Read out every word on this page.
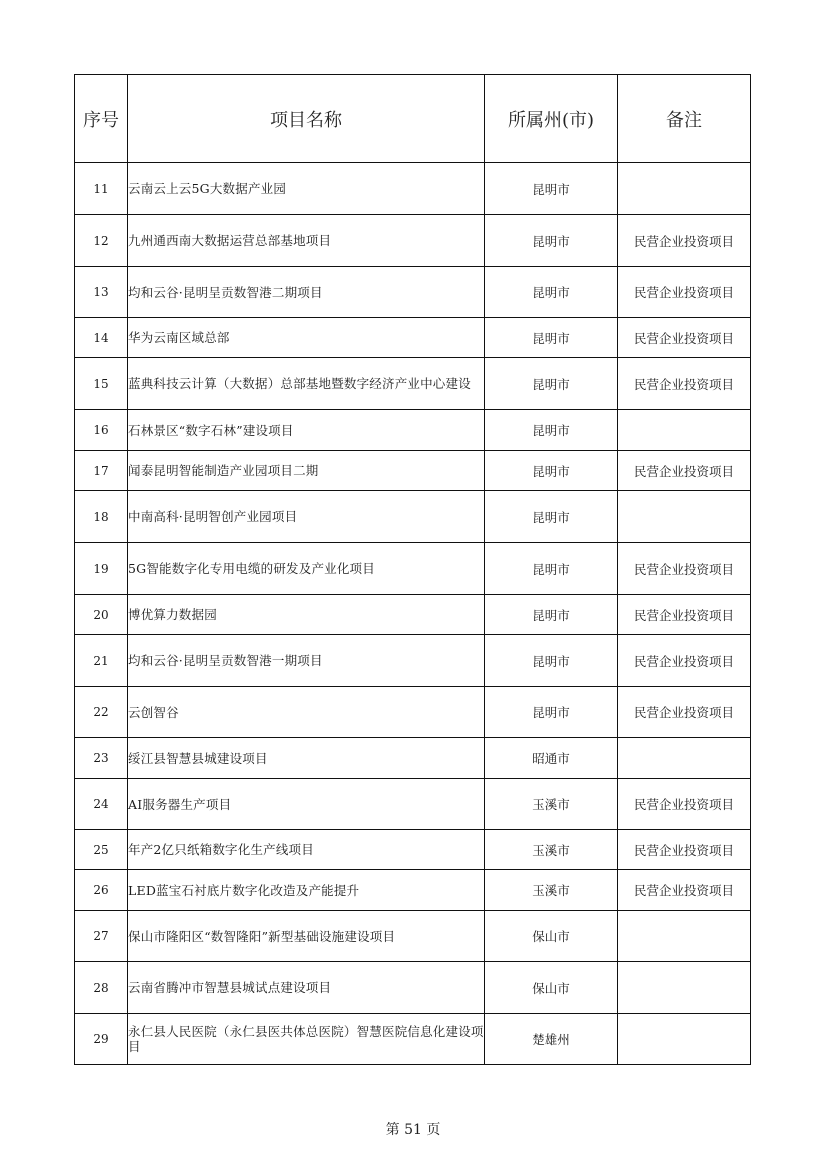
序号	项目名称	所属州(市)	备注
11	云南云上云5G大数据产业园	昆明市	
12	九州通西南大数据运营总部基地项目	昆明市	民营企业投资项目
13	均和云谷·昆明呈贡数智港二期项目	昆明市	民营企业投资项目
14	华为云南区域总部	昆明市	民营企业投资项目
15	蓝典科技云计算（大数据）总部基地暨数字经济产业中心建设	昆明市	民营企业投资项目
16	石林景区“数字石林”建设项目	昆明市	
17	闻泰昆明智能制造产业园项目二期	昆明市	民营企业投资项目
18	中南高科·昆明智创产业园项目	昆明市	
19	5G智能数字化专用电缆的研发及产业化项目	昆明市	民营企业投资项目
20	博优算力数据园	昆明市	民营企业投资项目
21	均和云谷·昆明呈贡数智港一期项目	昆明市	民营企业投资项目
22	云创智谷	昆明市	民营企业投资项目
23	绥江县智慧县城建设项目	昭通市	
24	AI服务器生产项目	玉溪市	民营企业投资项目
25	年产2亿只纸箱数字化生产线项目	玉溪市	民营企业投资项目
26	LED蓝宝石衬底片数字化改造及产能提升	玉溪市	民营企业投资项目
27	保山市隆阳区“数智隆阳”新型基础设施建设项目	保山市	
28	云南省腾冲市智慧县城试点建设项目	保山市	
29	永仁县人民医院（永仁县医共体总医院）智慧医院信息化建设项目	楚雄州	
第 51 页
